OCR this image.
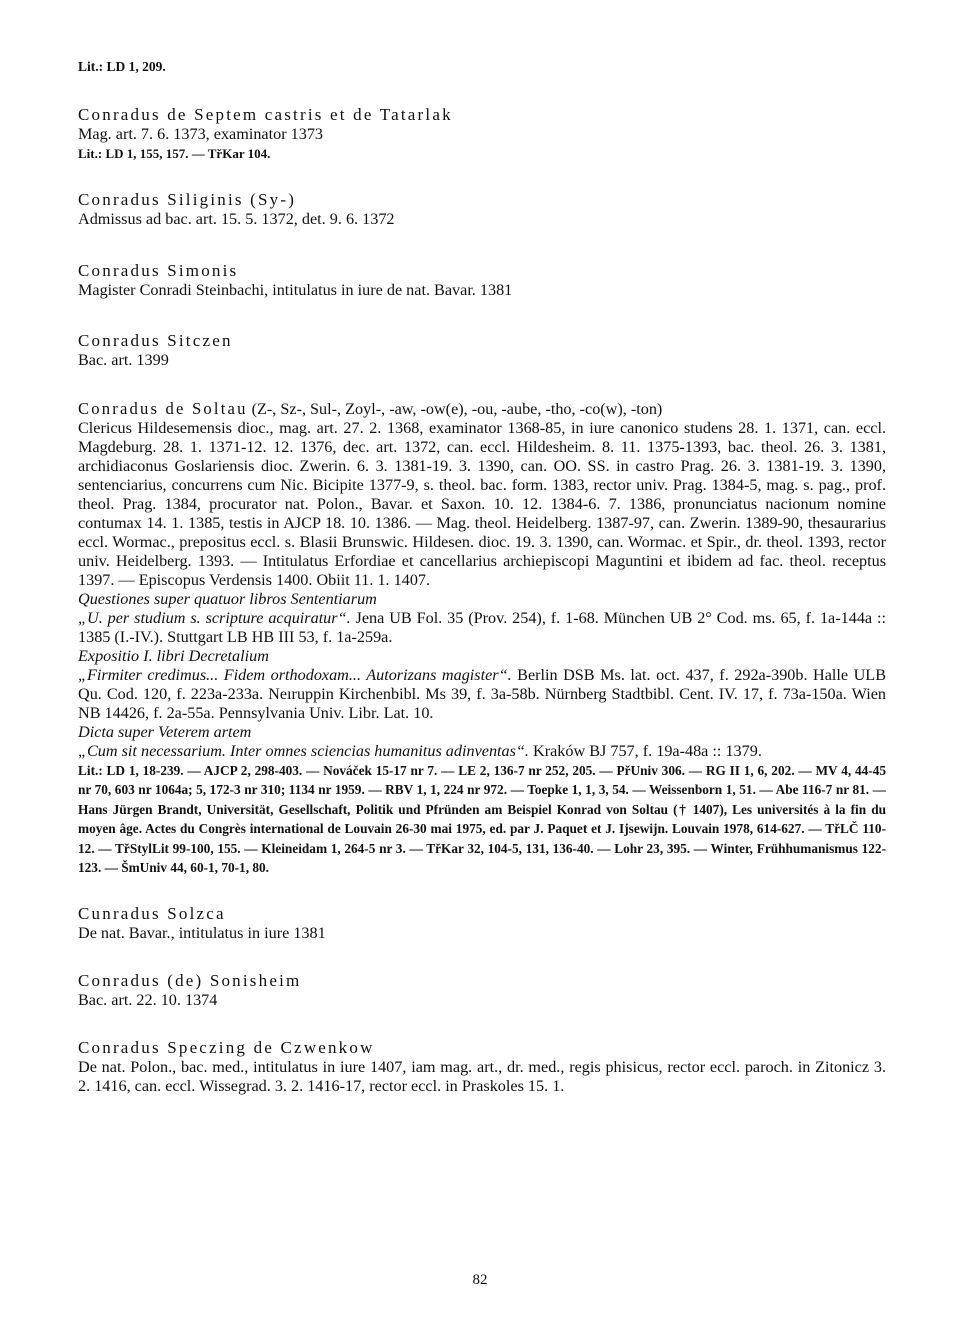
Lit.: LD 1, 209.

Conradus de Septem castris et de Tatarlak

Mag. art. 7. 6. 1373, examinator 1373

Lit.: LD 1, 155, 157. — TřKar 104.

Conradus Siliginis (Sy-)

Admissus ad bac. art. 15. 5. 1372, det. 9. 6. 1372

Conradus Simonis

Magister Conradi Steinbachi, intitulatus in iure de nat. Bavar. 1381

Conradus Sitczen

Bac. art. 1399

Conradus de Soltau (Z-, Sz-, Sul-, Zoyl-, -aw, -ow(e), -ou, -aube, -tho, -co(w), -ton)

Clericus Hildesemensis dioc., mag. art. 27. 2. 1368, examinator 1368-85, in iure canonico studens 28. 1. 1371, can. eccl. Magdeburg. 28. 1. 1371-12. 12. 1376, dec. art. 1372, can. eccl. Hildesheim. 8. 11. 1375-1393, bac. theol. 26. 3. 1381, archidiaconus Goslariensis dioc. Zwerin. 6. 3. 1381-19. 3. 1390, can. OO. SS. in castro Prag. 26. 3. 1381-19. 3. 1390, sentenciarius, concurrens cum Nic. Bicipite 1377-9, s. theol. bac. form. 1383, rector univ. Prag. 1384-5, mag. s. pag., prof. theol. Prag. 1384, procurator nat. Polon., Bavar. et Saxon. 10. 12. 1384-6. 7. 1386, pronunciatus nacionum nomine contumax 14. 1. 1385, testis in AJCP 18. 10. 1386. — Mag. theol. Heidelberg. 1387-97, can. Zwerin. 1389-90, thesaurarius eccl. Wormac., prepositus eccl. s. Blasii Brunswic. Hildesen. dioc. 19. 3. 1390, can. Wormac. et Spir., dr. theol. 1393, rector univ. Heidelberg. 1393. — Intitulatus Erfordiae et cancellarius archiepiscopi Maguntini et ibidem ad fac. theol. receptus 1397. — Episcopus Verdensis 1400. Obiit 11. 1. 1407.

Questiones super quatuor libros Sententiarum

„U. per studium s. scripture acquiratur“. Jena UB Fol. 35 (Prov. 254), f. 1-68. München UB 2° Cod. ms. 65, f. 1a-144a :: 1385 (I.-IV.). Stuttgart LB HB III 53, f. 1a-259a.

Expositio I. libri Decretalium

„Firmiter credimus... Fidem orthodoxam... Autorizans magister“. Berlin DSB Ms. lat. oct. 437, f. 292a-390b. Halle ULB Qu. Cod. 120, f. 223a-233a. Neıruppin Kirchenbibl. Ms 39, f. 3a-58b. Nürnberg Stadtbibl. Cent. IV. 17, f. 73a-150a. Wien NB 14426, f. 2a-55a. Pennsylvania Univ. Libr. Lat. 10.

Dicta super Veterem artem

„Cum sit necessarium. Inter omnes sciencias humanitus adinventas“. Kraków BJ 757, f. 19a-48a :: 1379.

Lit.: LD 1, 18-239. — AJCP 2, 298-403. — Nováček 15-17 nr 7. — LE 2, 136-7 nr 252, 205. — PřUniv 306. — RG II 1, 6, 202. — MV 4, 44-45 nr 70, 603 nr 1064a; 5, 172-3 nr 310; 1134 nr 1959. — RBV 1, 1, 224 nr 972. — Toepke 1, 1, 3, 54. — Weissenborn 1, 51. — Abe 116-7 nr 81. — Hans Jürgen Brandt, Universität, Gesellschaft, Politik und Pfründen am Beispiel Konrad von Soltau († 1407), Les universités à la fin du moyen âge. Actes du Congrès international de Louvain 26-30 mai 1975, ed. par J. Paquet et J. Ijsewijn. Louvain 1978, 614-627. — TřLČ 110-12. — TřStylLit 99-100, 155. — Kleineidam 1, 264-5 nr 3. — TřKar 32, 104-5, 131, 136-40. — Lohr 23, 395. — Winter, Frühhumanismus 122-123. — ŠmUniv 44, 60-1, 70-1, 80.

Cunradus Solzca

De nat. Bavar., intitulatus in iure 1381

Conradus (de) Sonisheim

Bac. art. 22. 10. 1374

Conradus Speczing de Czwenkow

De nat. Polon., bac. med., intitulatus in iure 1407, iam mag. art., dr. med., regis phisicus, rector eccl. paroch. in Zitonicz 3. 2. 1416, can. eccl. Wissegrad. 3. 2. 1416-17, rector eccl. in Praskoles 15. 1.

82
